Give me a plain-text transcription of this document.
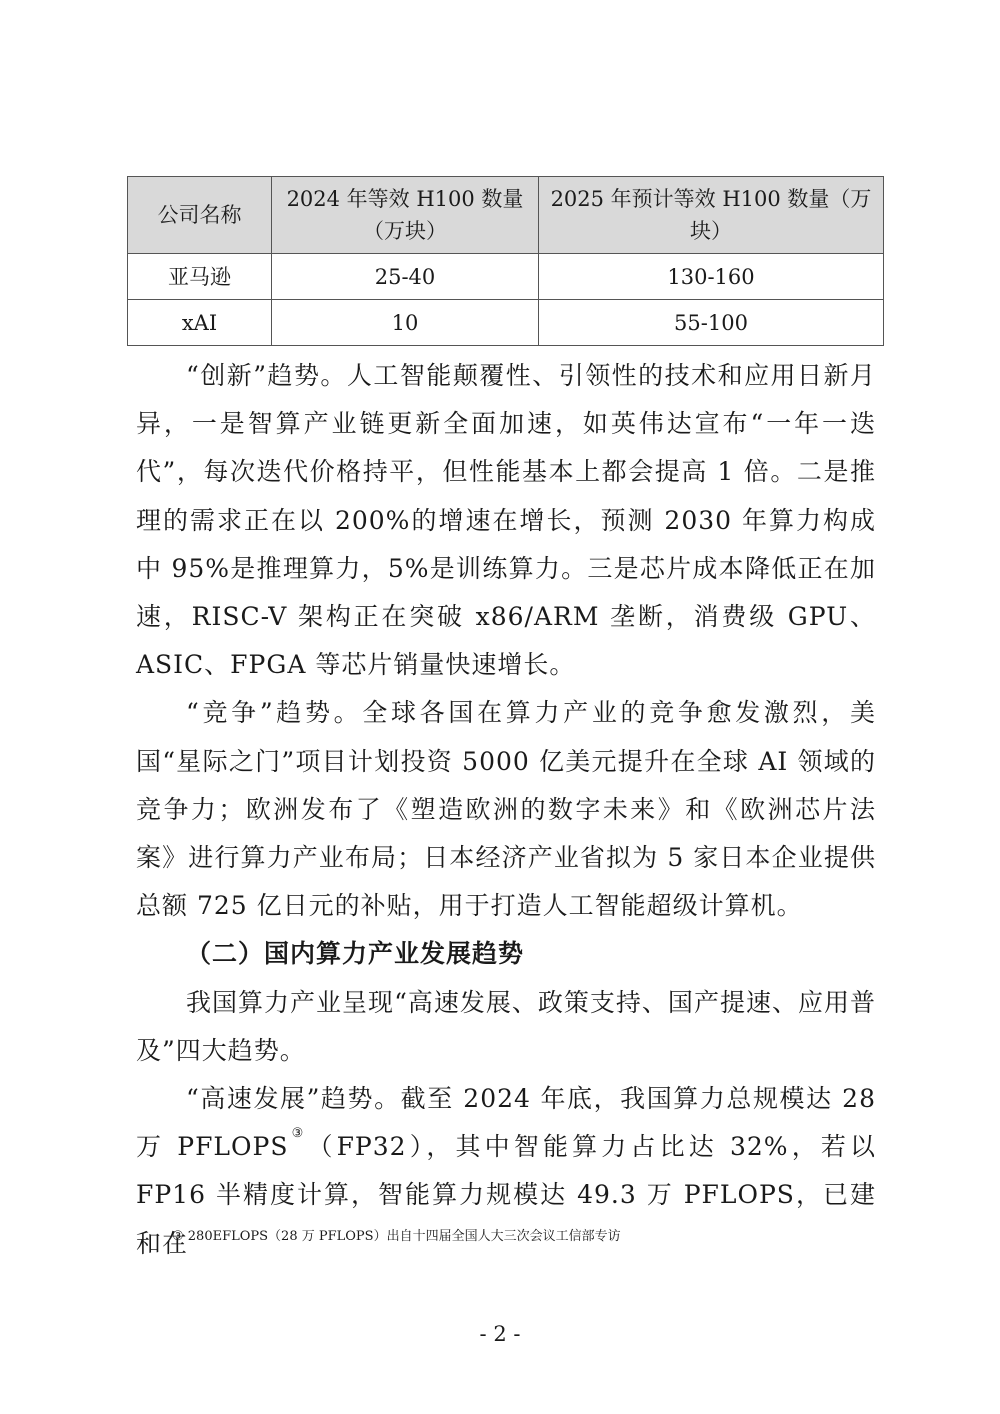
公司名称	2024 年等效 H100 数量（万块）	2025 年预计等效 H100 数量（万块）
亚马逊	25-40	130-160
xAI	10	55-100

“创新”趋势。人工智能颠覆性、引领性的技术和应用日新月异，一是智算产业链更新全面加速，如英伟达宣布“一年一迭代”，每次迭代价格持平，但性能基本上都会提高 1 倍。二是推理的需求正在以 200%的增速在增长，预测 2030 年算力构成中 95%是推理算力，5%是训练算力。三是芯片成本降低正在加速，RISC-V 架构正在突破 x86/ARM 垄断，消费级 GPU、ASIC、FPGA 等芯片销量快速增长。

“竞争”趋势。全球各国在算力产业的竞争愈发激烈，美国“星际之门”项目计划投资 5000 亿美元提升在全球 AI 领域的竞争力；欧洲发布了《塑造欧洲的数字未来》和《欧洲芯片法案》进行算力产业布局；日本经济产业省拟为 5 家日本企业提供总额 725 亿日元的补贴，用于打造人工智能超级计算机。

（二）国内算力产业发展趋势

我国算力产业呈现“高速发展、政策支持、国产提速、应用普及”四大趋势。

“高速发展”趋势。截至 2024 年底，我国算力总规模达 28 万 PFLOPS③（FP32），其中智能算力占比达 32%，若以 FP16 半精度计算，智能算力规模达 49.3 万 PFLOPS，已建和在

③ 280EFLOPS（28 万 PFLOPS）出自十四届全国人大三次会议工信部专访
- 2 -
